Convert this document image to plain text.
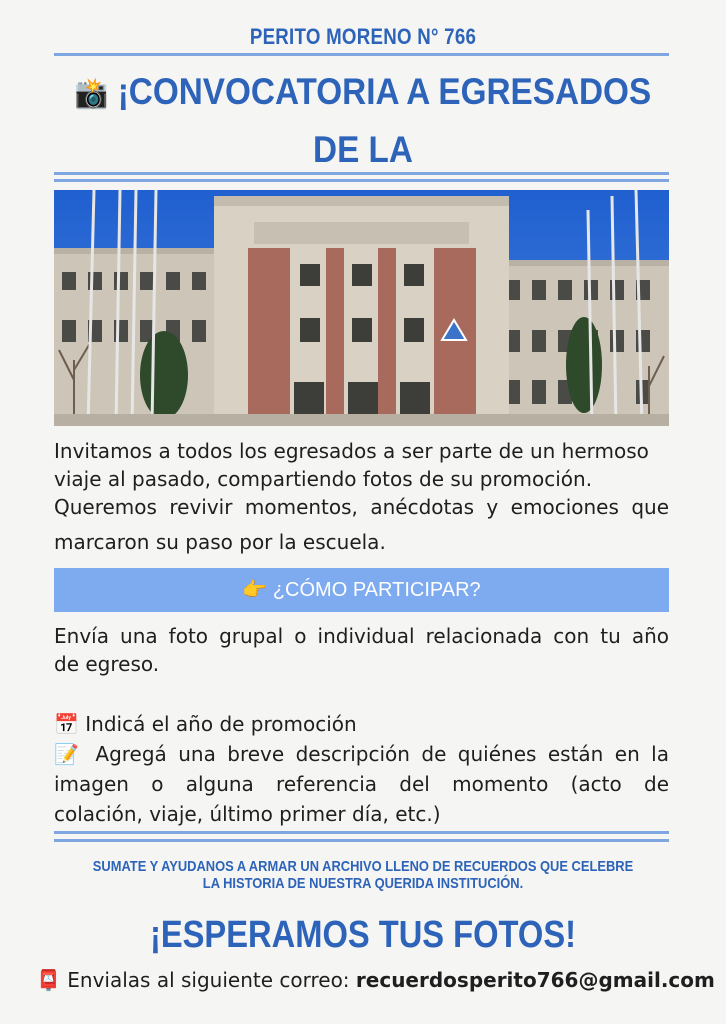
PERITO MORENO N° 766
📸 ¡CONVOCATORIA A EGRESADOS DE LA

Invitamos a todos los egresados a ser parte de un hermoso
viaje al pasado, compartiendo fotos de su promoción.
Queremos revivir momentos, anécdotas y emociones que
marcaron su paso por la escuela.
👉 ¿CÓMO PARTICIPAR?
Envía una foto grupal o individual relacionada con tu año
de egreso.
📅 Indicá el año de promoción
📝 Agregá una breve descripción de quiénes están en la
imagen o alguna referencia del momento (acto de
colación, viaje, último primer día, etc.)
SUMATE Y AYUDANOS A ARMAR UN ARCHIVO LLENO DE RECUERDOS QUE CELEBRE
LA HISTORIA DE NUESTRA QUERIDA INSTITUCIÓN.
¡ESPERAMOS TUS FOTOS!
📮 Envialas al siguiente correo: recuerdosperito766@gmail.com
